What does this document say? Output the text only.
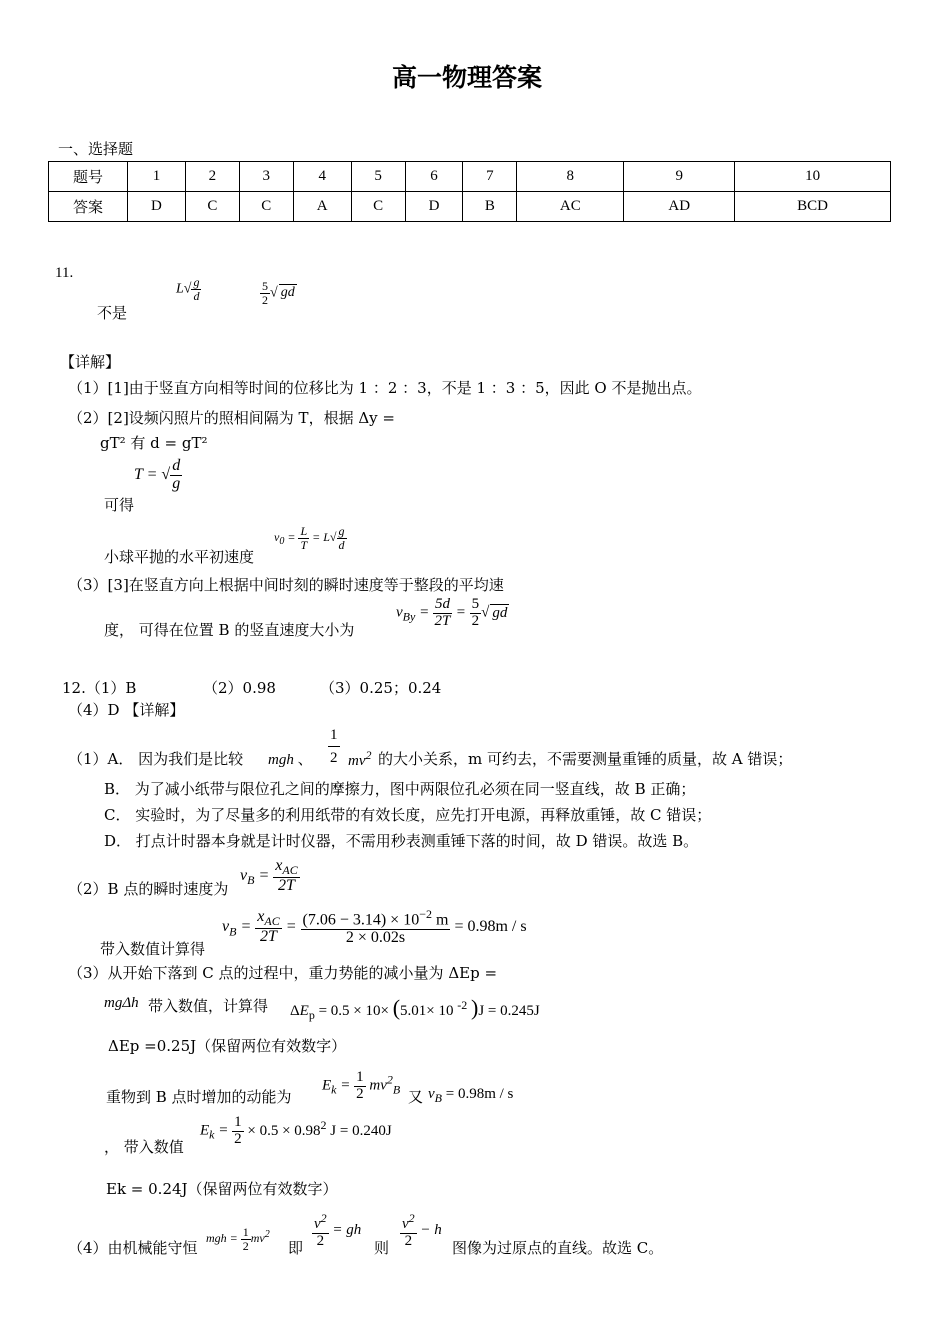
高一物理答案
一、选择题
题号	1	2	3	4	5	6	7	8	9	10
答案	D	C	C	A	C	D	B	AC	AD	BCD
11.
不是
$L√ \frac{g}{d}$	$\frac{5}{2}$ √ gd
【详解】
（1）[1]由于竖直方向相等时间的位移比为 1 ：2 ：3，不是 1 ：3 ：5，因此 O 不是抛出点。
（2）[2]设频闪照片的照相间隔为 T，根据 Δy =
gT² 有 d = gT²
T = √ $\frac{d}{g}$
可得
小球平抛的水平初速度
$v_0 = \frac{L}{T} = L√ \frac{g}{d}$
（3）[3]在竖直方向上根据中间时刻的瞬时速度等于整段的平均速
度， 可得在位置 B 的竖直速度大小为
$v_{By} = \frac{5d}{2T} = \frac{5}{2}$ √ gd
12.（1）B	（2）0.98	（3）0.25；0.24
（4）D 【详解】
（1）A． 因为我们是比较 mgh 、
1
2 $mv^2$ 的大小关系，m 可约去，不需要测量重锤的质量，故 A 错误；
B． 为了减小纸带与限位孔之间的摩擦力，图中两限位孔必须在同一竖直线，故 B 正确；
C． 实验时，为了尽量多的利用纸带的有效长度，应先打开电源，再释放重锤，故 C 错误；
D． 打点计时器本身就是计时仪器，不需用秒表测重锤下落的时间，故 D 错误。故选 B。
（2）B 点的瞬时速度为
$v_B = \frac{x_{AC}}{2T}$
带入数值计算得
$v_B = \frac{x_{AC}}{2T} = \frac{(7.06 - 3.14) \times 10^{-2} m}{2 \times 0.02s} = 0.98m / s$
（3）从开始下落到 C 点的过程中，重力势能的减小量为 ΔEp =
mgΔh 带入数值，计算得 $\Delta E_p = 0.5 \times 10\times (5.01\times 10$ $^{-2}$ )J = 0.245J
ΔEp =0.25J（保留两位有效数字）
重物到 B 点时增加的动能为
$E_k = \frac{1}{2} mv^2_B$ 又 $v_B = 0.98m / s$
， 带入数值
$E_k = \frac{1}{2} \times 0.5 \times 0.98^2$ J = 0.240J
Ek = 0.24J（保留两位有效数字）
（4）由机械能守恒
mgh = $\frac{1}{2} mv^2$
即 $\frac{v^2}{2}$ = gh
则 $\frac{v^2}{2} - h$
图像为过原点的直线。故选 C。
